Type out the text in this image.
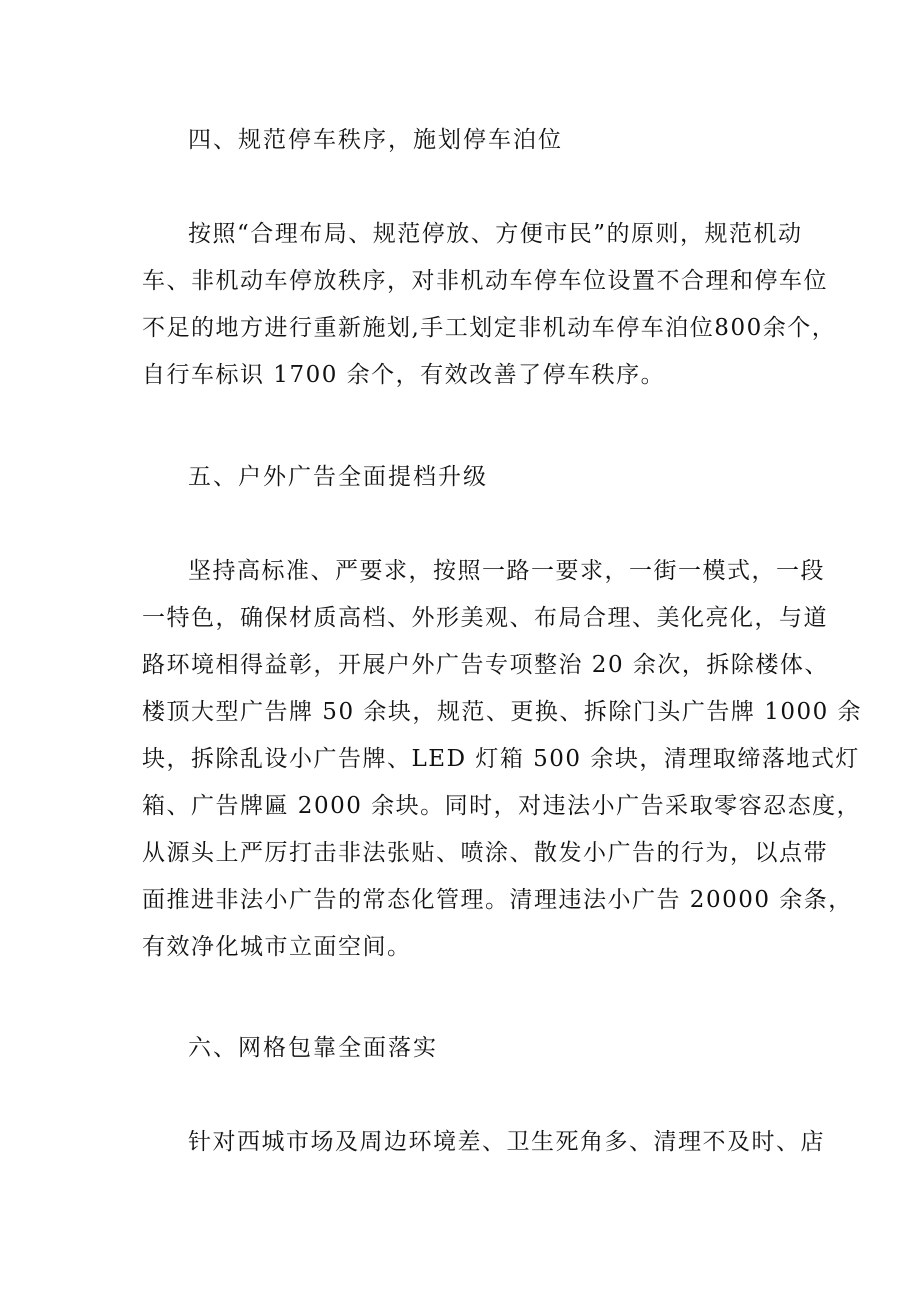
四、规范停车秩序，施划停车泊位
按照“合理布局、规范停放、方便市民”的原则，规范机动
车、非机动车停放秩序，对非机动车停车位设置不合理和停车位
不足的地方进行重新施划,手工划定非机动车停车泊位800余个，
自行车标识 1700 余个，有效改善了停车秩序。
五、户外广告全面提档升级
坚持高标准、严要求，按照一路一要求，一街一模式，一段
一特色，确保材质高档、外形美观、布局合理、美化亮化，与道
路环境相得益彰，开展户外广告专项整治 20 余次，拆除楼体、
楼顶大型广告牌 50 余块，规范、更换、拆除门头广告牌 1000 余
块，拆除乱设小广告牌、LED 灯箱 500 余块，清理取缔落地式灯
箱、广告牌匾 2000 余块。同时，对违法小广告采取零容忍态度，
从源头上严厉打击非法张贴、喷涂、散发小广告的行为，以点带
面推进非法小广告的常态化管理。清理违法小广告 20000 余条，
有效净化城市立面空间。
六、网格包靠全面落实
针对西城市场及周边环境差、卫生死角多、清理不及时、店
